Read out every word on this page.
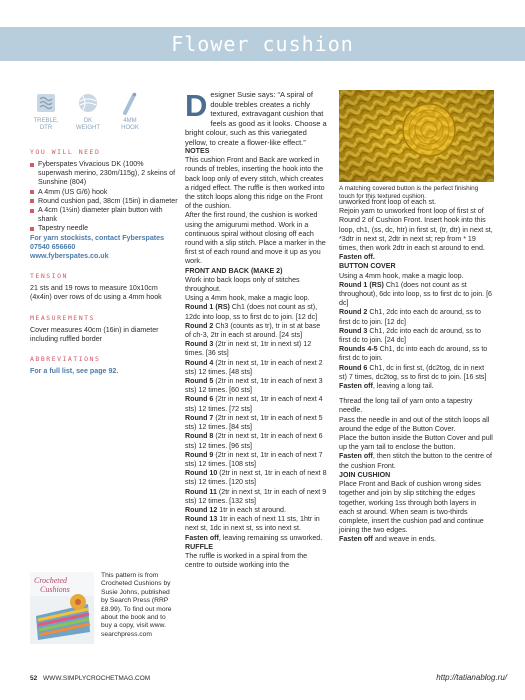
Flower cushion
TREBLE, DTR
DK WEIGHT
4MM HOOK
YOU WILL NEED
Fyberspates Vivacious DK (100% superwash merino, 230m/115g), 2 skeins of Sunshine (804)
A 4mm (US G/6) hook
Round cushion pad, 38cm (15in) in diameter
A 4cm (1½in) diameter plain button with shank
Tapestry needle
For yarn stockists, contact Fyberspates 07540 656660
www.fyberspates.co.uk
TENSION
21 sts and 19 rows to measure 10x10cm (4x4in) over rows of dc using a 4mm hook
MEASUREMENTS
Cover measures 40cm (16in) in diameter including ruffled border
ABBREVIATIONS
For a full list, see page 92.
Crocheted
Cushions
This pattern is from Crocheted Cushions by Susie Johns, published by Search Press (RRP £8.99). To find out more about the book and to buy a copy, visit www. searchpress.com
D esigner Susie says: “A spiral of double trebles creates a richly textured, extravagant cushion that feels as good as it looks. Choose a bright colour, such as this variegated yellow, to create a flower-like effect.”

NOTES

This cushion Front and Back are worked in rounds of trebles, inserting the hook into the back loop only of every stitch, which creates a ridged effect. The ruffle is then worked into the stitch loops along this ridge on the Front of the cushion.

After the first round, the cushion is worked using the amigurumi method. Work in a continuous spiral without closing off each round with a slip stitch. Place a marker in the first st of each round and move it up as you work.

FRONT AND BACK (MAKE 2)

Work into back loops only of stitches throughout.
Using a 4mm hook, make a magic loop.

Round 1 (RS) Ch1 (does not count as st), 12dc into loop, ss to first dc to join. [12 dc]

Round 2 Ch3 (counts as tr), tr in st at base of ch-3, 2tr in each st around. [24 sts]

Round 3 (2tr in next st, 1tr in next st) 12 times. [36 sts]

Round 4 (2tr in next st, 1tr in each of next 2 sts) 12 times. [48 sts]

Round 5 (2tr in next st, 1tr in each of next 3 sts) 12 times. [60 sts]

Round 6 (2tr in next st, 1tr in each of next 4 sts) 12 times. [72 sts]

Round 7 (2tr in next st, 1tr in each of next 5 sts) 12 times. [84 sts]

Round 8 (2tr in next st, 1tr in each of next 6 sts) 12 times. [96 sts]

Round 9 (2tr in next st, 1tr in each of next 7 sts) 12 times. [108 sts]

Round 10 (2tr in next st, 1tr in each of next 8 sts) 12 times. [120 sts]

Round 11 (2tr in next st, 1tr in each of next 9 sts) 12 times. [132 sts]

Round 12 1tr in each st around.

Round 13 1tr in each of next 11 sts, 1htr in next st, 1dc in next st, ss into next st.

Fasten off, leaving remaining ss unworked.

RUFFLE

The ruffle is worked in a spiral from the centre to outside working into the

A matching covered button is the perfect finishing touch for this textured cushion.

unworked front loop of each st.
Rejoin yarn to unworked front loop of first st of Round 2 of Cushion Front. Insert hook into this loop, ch1, (ss, dc, htr) in first st, (tr, dtr) in next st, *3dtr in next st, 2dtr in next st; rep from * 19 times, then work 2dtr in each st around to end.

Fasten off.

BUTTON COVER

Using a 4mm hook, make a magic loop.

Round 1 (RS) Ch1 (does not count as st throughout), 6dc into loop, ss to first dc to join. [6 dc]

Round 2 Ch1, 2dc into each dc around, ss to first dc to join. [12 dc]

Round 3 Ch1, 2dc into each dc around, ss to first dc to join. [24 dc]

Rounds 4-5 Ch1, dc into each dc around, ss to first dc to join.

Round 6 Ch1, dc in first st, (dc2tog, dc in next st) 7 times, dc2tog, ss to first dc to join. [16 sts]

Fasten off, leaving a long tail.

Thread the long tail of yarn onto a tapestry needle.
Pass the needle in and out of the stitch loops all around the edge of the Button Cover.
Place the button inside the Button Cover and pull up the yarn tail to enclose the button.

Fasten off, then stitch the button to the centre of the cushion Front.

JOIN CUSHION

Place Front and Back of cushion wrong sides together and join by slip stitching the edges together, working 1ss through both layers in each st around. When seam is two-thirds complete, insert the cushion pad and continue joining the two edges.

Fasten off and weave in ends.

52 WWW.SIMPLYCROCHETMAG.COM	http://tatianablog.ru/
